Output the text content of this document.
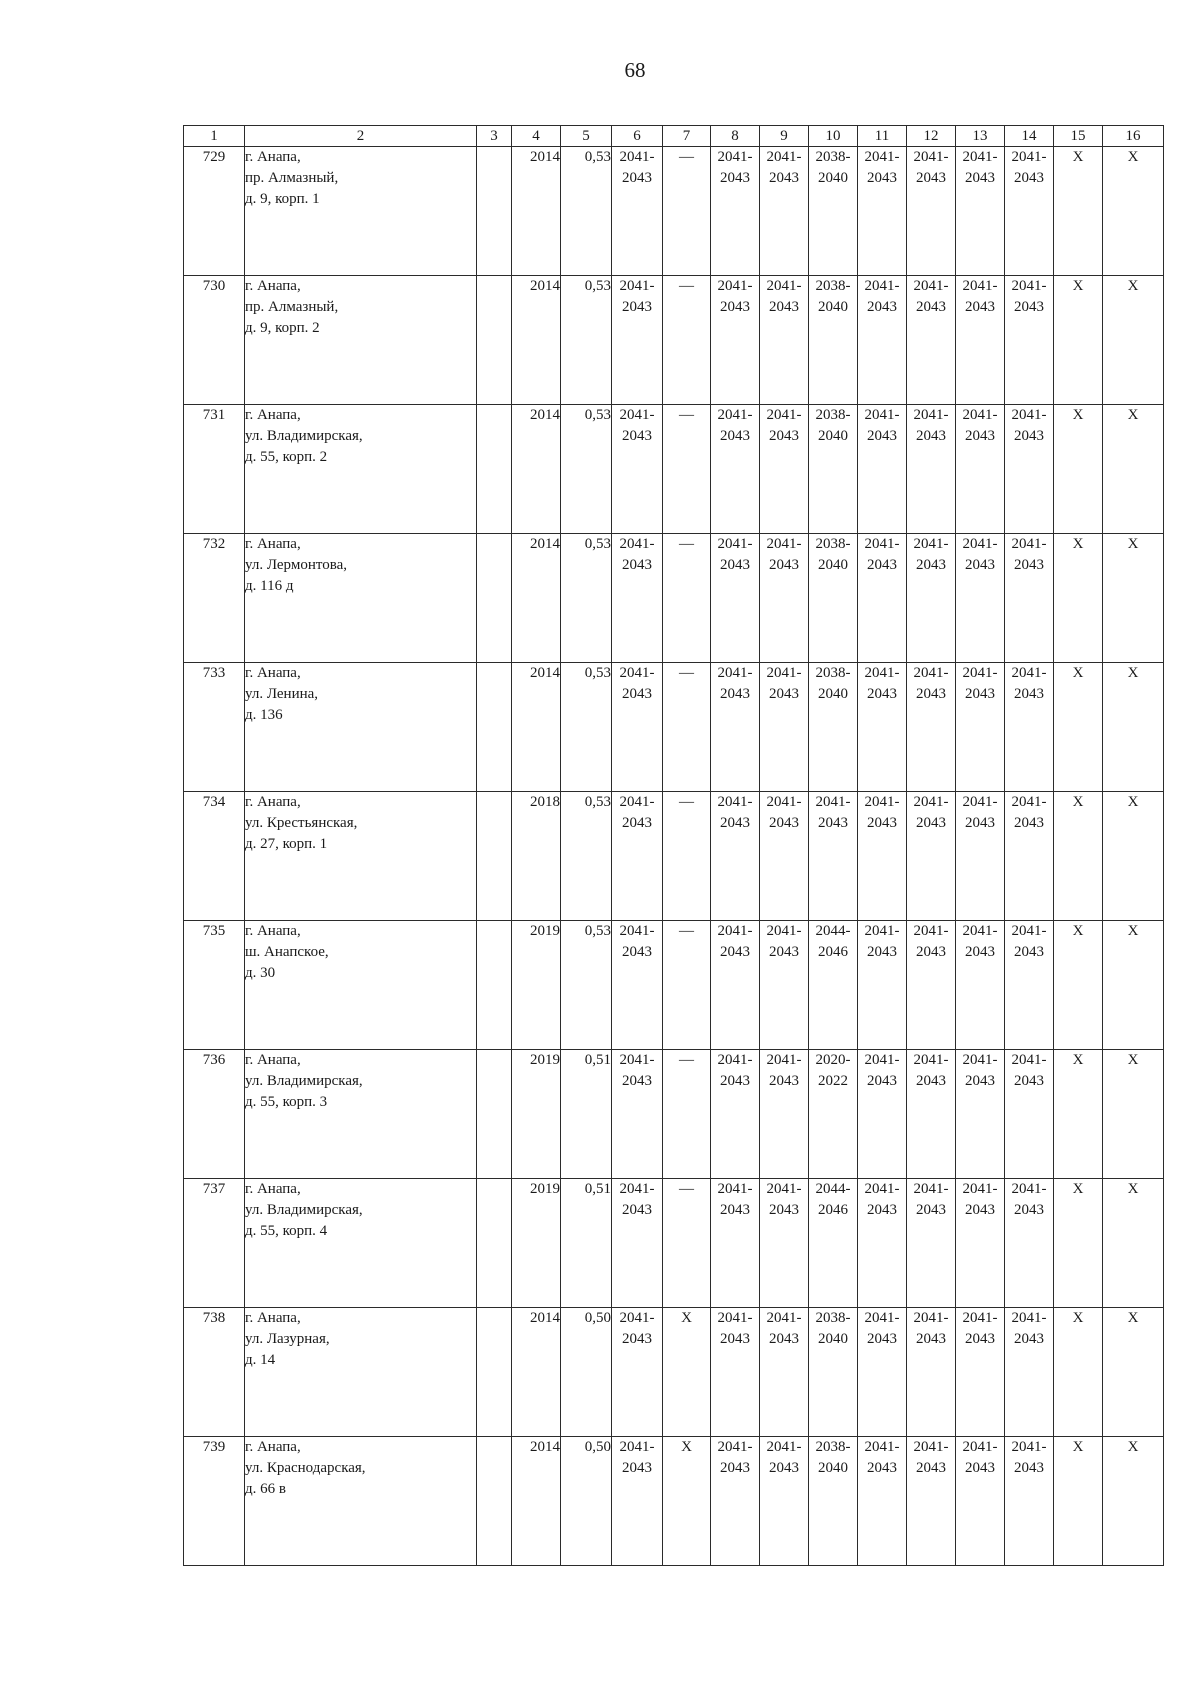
68
1	2	3	4	5	6	7	8	9	10	11	12	13	14	15	16
729	г. Анапа,
пр. Алмазный,
д. 9, корп. 1		2014	0,53	2041-
2043	—	2041-
2043	2041-
2043	2038-
2040	2041-
2043	2041-
2043	2041-
2043	2041-
2043	X	X
730	г. Анапа,
пр. Алмазный,
д. 9, корп. 2		2014	0,53	2041-
2043	—	2041-
2043	2041-
2043	2038-
2040	2041-
2043	2041-
2043	2041-
2043	2041-
2043	X	X
731	г. Анапа,
ул. Владимирская,
д. 55, корп. 2		2014	0,53	2041-
2043	—	2041-
2043	2041-
2043	2038-
2040	2041-
2043	2041-
2043	2041-
2043	2041-
2043	X	X
732	г. Анапа,
ул. Лермонтова,
д. 116 д		2014	0,53	2041-
2043	—	2041-
2043	2041-
2043	2038-
2040	2041-
2043	2041-
2043	2041-
2043	2041-
2043	X	X
733	г. Анапа,
ул. Ленина,
д. 136		2014	0,53	2041-
2043	—	2041-
2043	2041-
2043	2038-
2040	2041-
2043	2041-
2043	2041-
2043	2041-
2043	X	X
734	г. Анапа,
ул. Крестьянская,
д. 27, корп. 1		2018	0,53	2041-
2043	—	2041-
2043	2041-
2043	2041-
2043	2041-
2043	2041-
2043	2041-
2043	2041-
2043	X	X
735	г. Анапа,
ш. Анапское,
д. 30		2019	0,53	2041-
2043	—	2041-
2043	2041-
2043	2044-
2046	2041-
2043	2041-
2043	2041-
2043	2041-
2043	X	X
736	г. Анапа,
ул. Владимирская,
д. 55, корп. 3		2019	0,51	2041-
2043	—	2041-
2043	2041-
2043	2020-
2022	2041-
2043	2041-
2043	2041-
2043	2041-
2043	X	X
737	г. Анапа,
ул. Владимирская,
д. 55, корп. 4		2019	0,51	2041-
2043	—	2041-
2043	2041-
2043	2044-
2046	2041-
2043	2041-
2043	2041-
2043	2041-
2043	X	X
738	г. Анапа,
ул. Лазурная,
д. 14		2014	0,50	2041-
2043	X	2041-
2043	2041-
2043	2038-
2040	2041-
2043	2041-
2043	2041-
2043	2041-
2043	X	X
739	г. Анапа,
ул. Краснодарская,
д. 66 в		2014	0,50	2041-
2043	X	2041-
2043	2041-
2043	2038-
2040	2041-
2043	2041-
2043	2041-
2043	2041-
2043	X	X
